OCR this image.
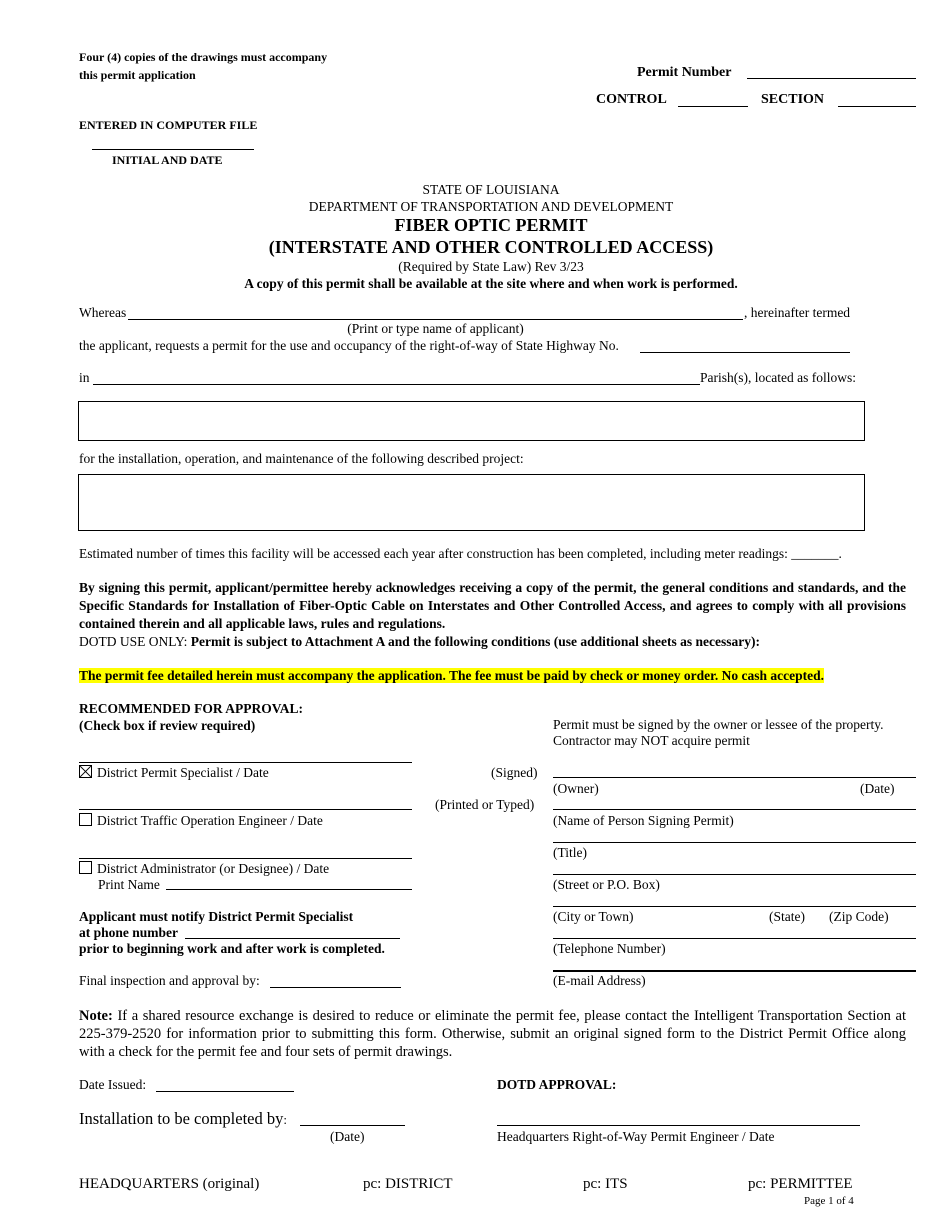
Four (4) copies of the drawings must accompany
this permit application	Permit Number
CONTROL	SECTION
ENTERED IN COMPUTER FILE
INITIAL AND DATE
STATE OF LOUISIANA
DEPARTMENT OF TRANSPORTATION AND DEVELOPMENT
FIBER OPTIC PERMIT
(INTERSTATE AND OTHER CONTROLLED ACCESS)
(Required by State Law) Rev 3/23
A copy of this permit shall be available at the site where and when work is performed.
Whereas	, hereinafter termed
(Print or type name of applicant)
the applicant, requests a permit for the use and occupancy of the right-of-way of State Highway No.
in	Parish(s), located as follows:
for the installation, operation, and maintenance of the following described project:
Estimated number of times this facility will be accessed each year after construction has been completed, including meter readings: _______.
By signing this permit, applicant/permittee hereby acknowledges receiving a copy of the permit, the general conditions and standards, and the Specific Standards for Installation of Fiber-Optic Cable on Interstates and Other Controlled Access, and agrees to comply with all provisions contained therein and all applicable laws, rules and regulations.
DOTD USE ONLY: Permit is subject to Attachment A and the following conditions (use additional sheets as necessary):
The permit fee detailed herein must accompany the application. The fee must be paid by check or money order. No cash accepted.
RECOMMENDED FOR APPROVAL:
(Check box if review required)
District Permit Specialist / Date
District Traffic Operation Engineer / Date
District Administrator (or Designee) / Date
Print Name
(Signed)
(Printed or Typed)
Applicant must notify District Permit Specialist
at phone number
prior to beginning work and after work is completed.
Final inspection and approval by:
Permit must be signed by the owner or lessee of the property.
Contractor may NOT acquire permit
(Owner)	(Date)
(Name of Person Signing Permit)
(Title)
(Street or P.O. Box)
(City or Town)	(State) (Zip Code)
(Telephone Number)
(E-mail Address)
Note: If a shared resource exchange is desired to reduce or eliminate the permit fee, please contact the Intelligent Transportation Section at 225-379-2520 for information prior to submitting this form. Otherwise, submit an original signed form to the District Permit Office along with a check for the permit fee and four sets of permit drawings.
Date Issued:	DOTD APPROVAL:
Installation to be completed by:
(Date)	Headquarters Right-of-Way Permit Engineer / Date
HEADQUARTERS (original)	pc: DISTRICT	pc: ITS	pc: PERMITTEE
Page 1 of 4
